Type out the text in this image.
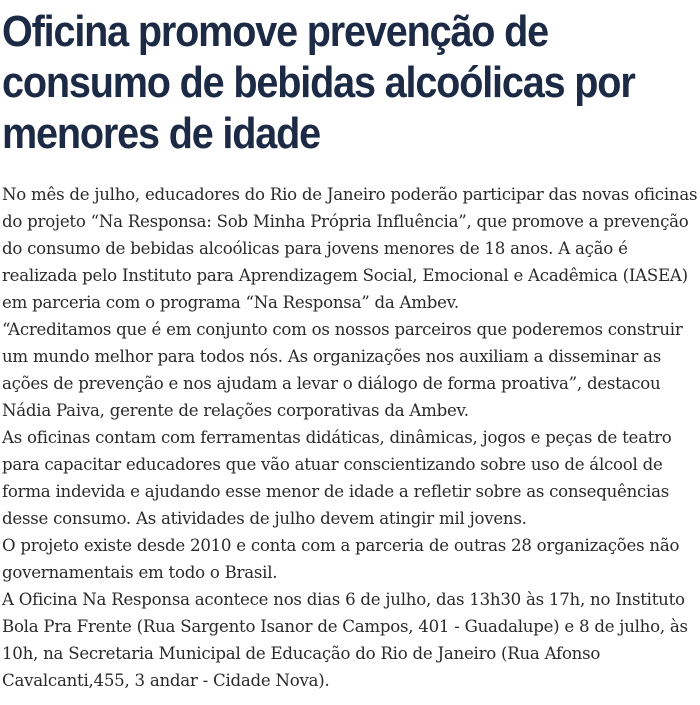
Oficina promove prevenção de consumo de bebidas alcoólicas por menores de idade

No mês de julho, educadores do Rio de Janeiro poderão participar das novas oficinas do projeto “Na Responsa: Sob Minha Própria Influência”, que promove a prevenção do consumo de bebidas alcoólicas para jovens menores de 18 anos. A ação é realizada pelo Instituto para Aprendizagem Social, Emocional e Acadêmica (IASEA) em parceria com o programa “Na Responsa” da Ambev.

“Acreditamos que é em conjunto com os nossos parceiros que poderemos construir um mundo melhor para todos nós. As organizações nos auxiliam a disseminar as ações de prevenção e nos ajudam a levar o diálogo de forma proativa”, destacou Nádia Paiva, gerente de relações corporativas da Ambev.

As oficinas contam com ferramentas didáticas, dinâmicas, jogos e peças de teatro para capacitar educadores que vão atuar conscientizando sobre uso de álcool de forma indevida e ajudando esse menor de idade a refletir sobre as consequências desse consumo. As atividades de julho devem atingir mil jovens.

O projeto existe desde 2010 e conta com a parceria de outras 28 organizações não governamentais em todo o Brasil.

A Oficina Na Responsa acontece nos dias 6 de julho, das 13h30 às 17h, no Instituto Bola Pra Frente (Rua Sargento Isanor de Campos, 401 - Guadalupe) e 8 de julho, às 10h, na Secretaria Municipal de Educação do Rio de Janeiro (Rua Afonso Cavalcanti,455, 3 andar - Cidade Nova).
